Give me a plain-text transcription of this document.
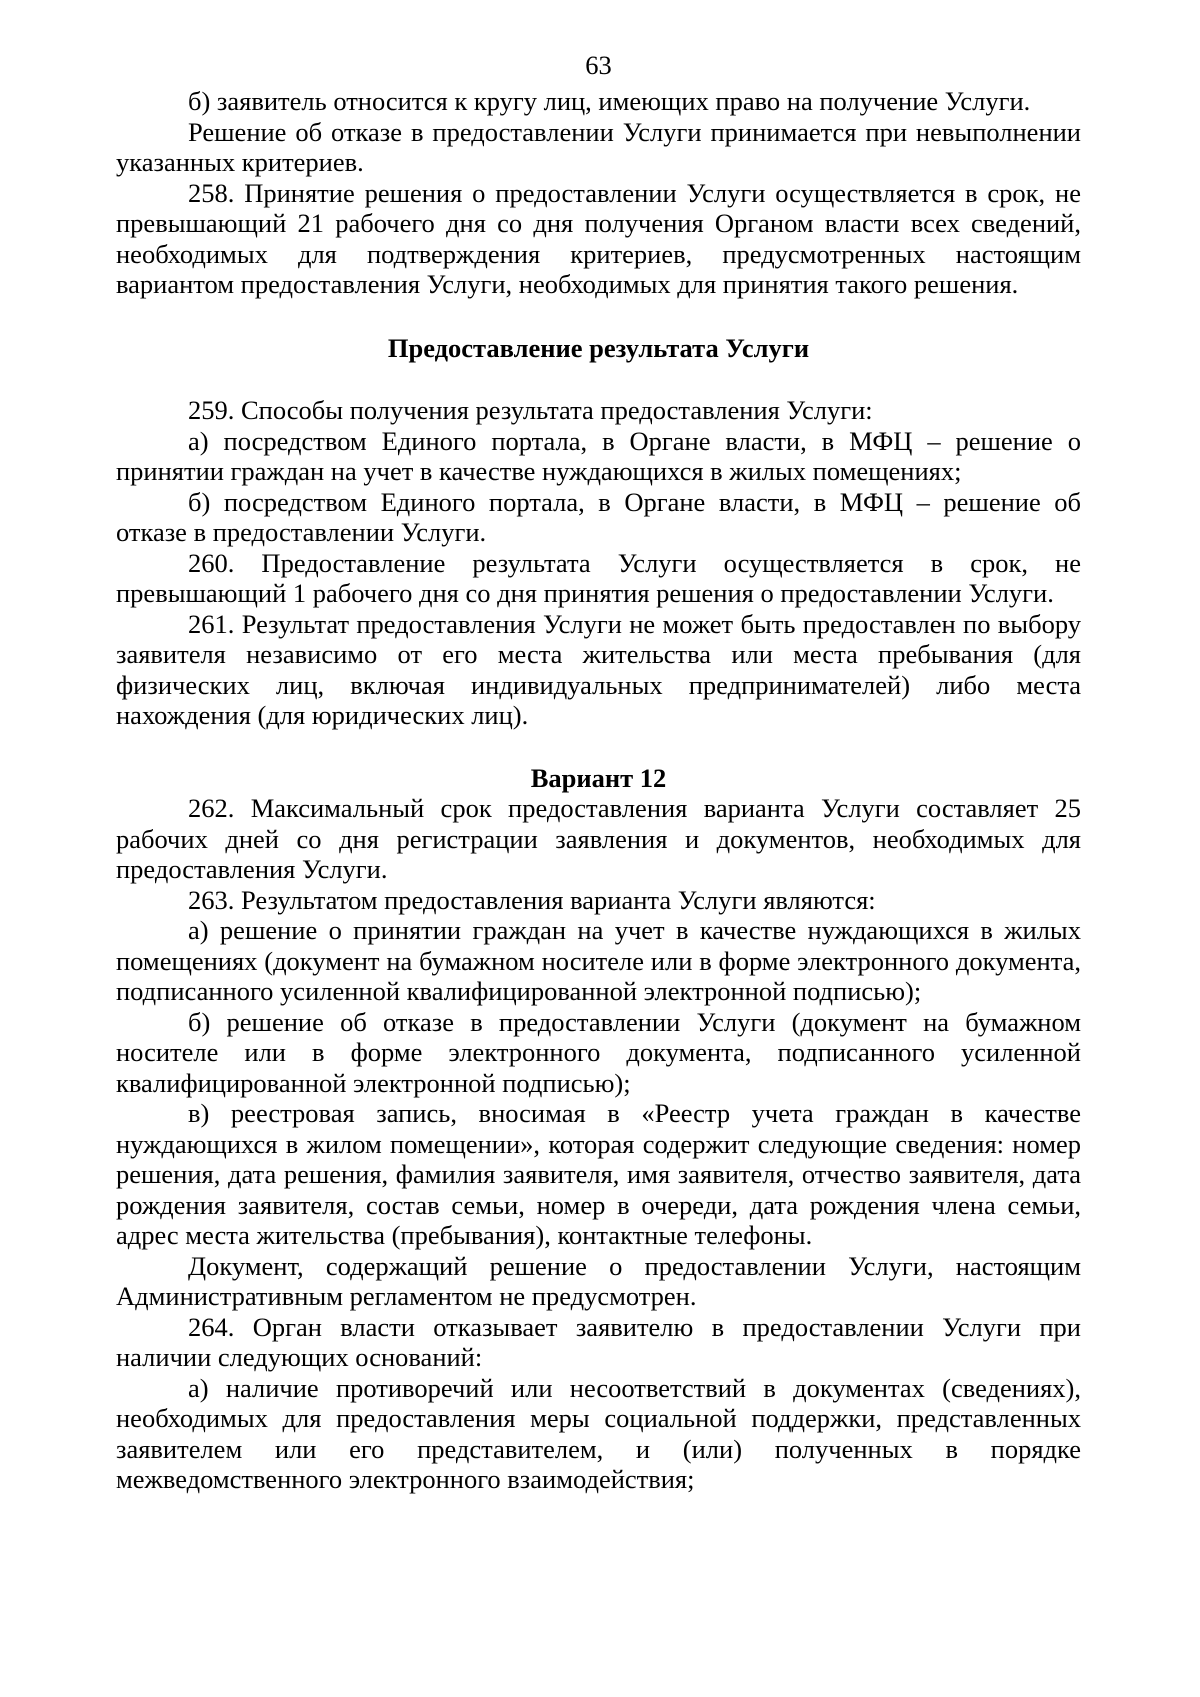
63

б) заявитель относится к кругу лиц, имеющих право на получение Услуги.

Решение об отказе в предоставлении Услуги принимается при невыполнении указанных критериев.

258. Принятие решения о предоставлении Услуги осуществляется в срок, не превышающий 21 рабочего дня со дня получения Органом власти всех сведений, необходимых для подтверждения критериев, предусмотренных настоящим вариантом предоставления Услуги, необходимых для принятия такого решения.

Предоставление результата Услуги

259. Способы получения результата предоставления Услуги:

а) посредством Единого портала, в Органе власти, в МФЦ – решение о принятии граждан на учет в качестве нуждающихся в жилых помещениях;

б) посредством Единого портала, в Органе власти, в МФЦ – решение об отказе в предоставлении Услуги.

260. Предоставление результата Услуги осуществляется в срок, не превышающий 1 рабочего дня со дня принятия решения о предоставлении Услуги.

261. Результат предоставления Услуги не может быть предоставлен по выбору заявителя независимо от его места жительства или места пребывания (для физических лиц, включая индивидуальных предпринимателей) либо места нахождения (для юридических лиц).

Вариант 12

262. Максимальный срок предоставления варианта Услуги составляет 25 рабочих дней со дня регистрации заявления и документов, необходимых для предоставления Услуги.

263. Результатом предоставления варианта Услуги являются:

а) решение о принятии граждан на учет в качестве нуждающихся в жилых помещениях (документ на бумажном носителе или в форме электронного документа, подписанного усиленной квалифицированной электронной подписью);

б) решение об отказе в предоставлении Услуги (документ на бумажном носителе или в форме электронного документа, подписанного усиленной квалифицированной электронной подписью);

в) реестровая запись, вносимая в «Реестр учета граждан в качестве нуждающихся в жилом помещении», которая содержит следующие сведения: номер решения, дата решения, фамилия заявителя, имя заявителя, отчество заявителя, дата рождения заявителя, состав семьи, номер в очереди, дата рождения члена семьи, адрес места жительства (пребывания), контактные телефоны.

Документ, содержащий решение о предоставлении Услуги, настоящим Административным регламентом не предусмотрен.

264. Орган власти отказывает заявителю в предоставлении Услуги при наличии следующих оснований:

а) наличие противоречий или несоответствий в документах (сведениях), необходимых для предоставления меры социальной поддержки, представленных заявителем или его представителем, и (или) полученных в порядке межведомственного электронного взаимодействия;
